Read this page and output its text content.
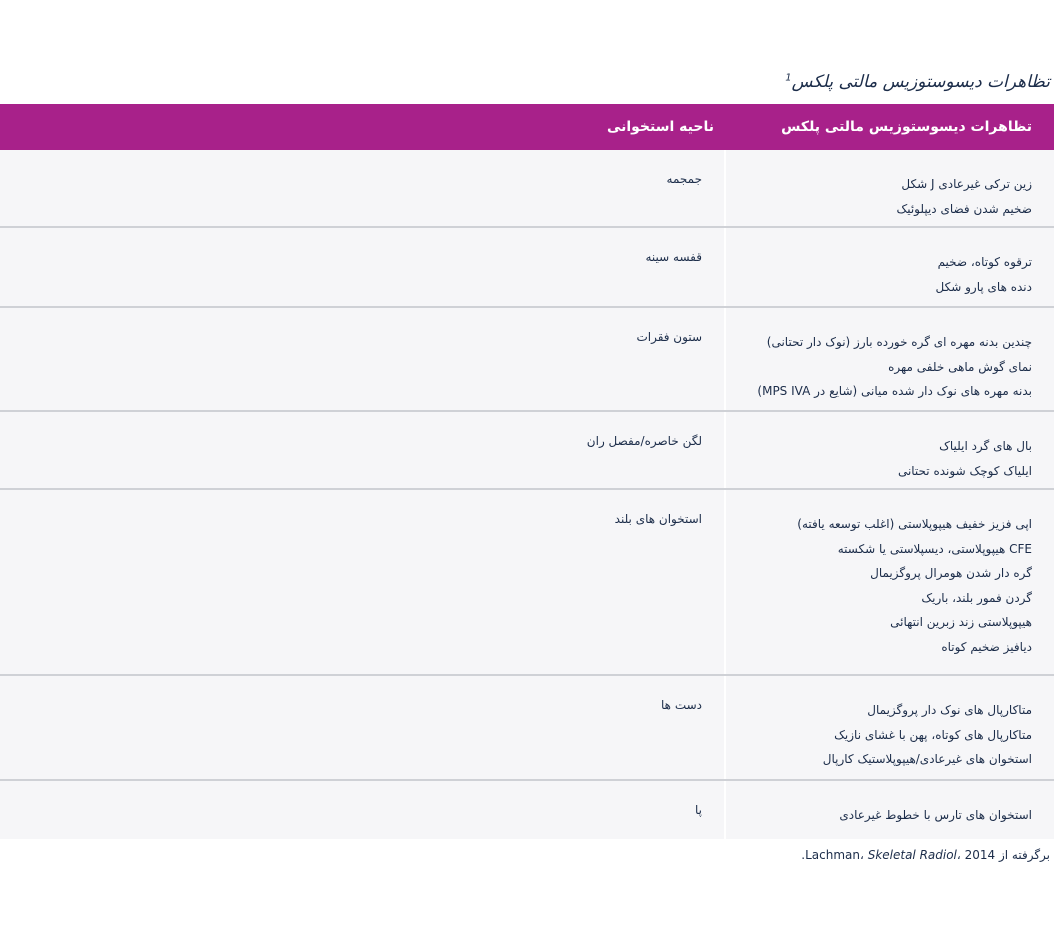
تظاهرات دیسوستوزیس مالتی پلکس$^1$
تظاهرات دیسوستوزیس مالتی پلکس
ناحیه استخوانی
زین ترکی غیرعادی J شکل
ضخیم شدن فضای دیپلوئیک
جمجمه
ترقوه کوتاه، ضخیم
دنده های پارو شکل
قفسه سینه
چندین بدنه مهره ای گره خورده بارز (نوک دار تحتانی)
نمای گوش ماهی خلفی مهره
بدنه مهره های نوک دار شده میانی (شایع در MPS IVA)
ستون فقرات
بال های گرد ایلیاک
ایلیاک کوچک شونده تحتانی
لگن خاصره/مفصل ران
اپی فزیز خفیف هیپوپلاستی (اغلب توسعه یافته)
CFE هیپوپلاستی، دیسپلاستی یا شکسته
گره دار شدن هومرال پروگزیمال
گردن فمور بلند، باریک
هیپوپلاستی زند زبرین انتهائی
دیافیز ضخیم کوتاه
استخوان های بلند
متاکارپال های نوک دار پروگزیمال
متاکارپال های کوتاه، پهن با غشای نازیک
استخوان های غیرعادی/هیپوپلاستیک کارپال
دست ها
استخوان های تارس با خطوط غیرعادی
پا
برگرفته از Lachman، Skeletal Radiol، 2014.
